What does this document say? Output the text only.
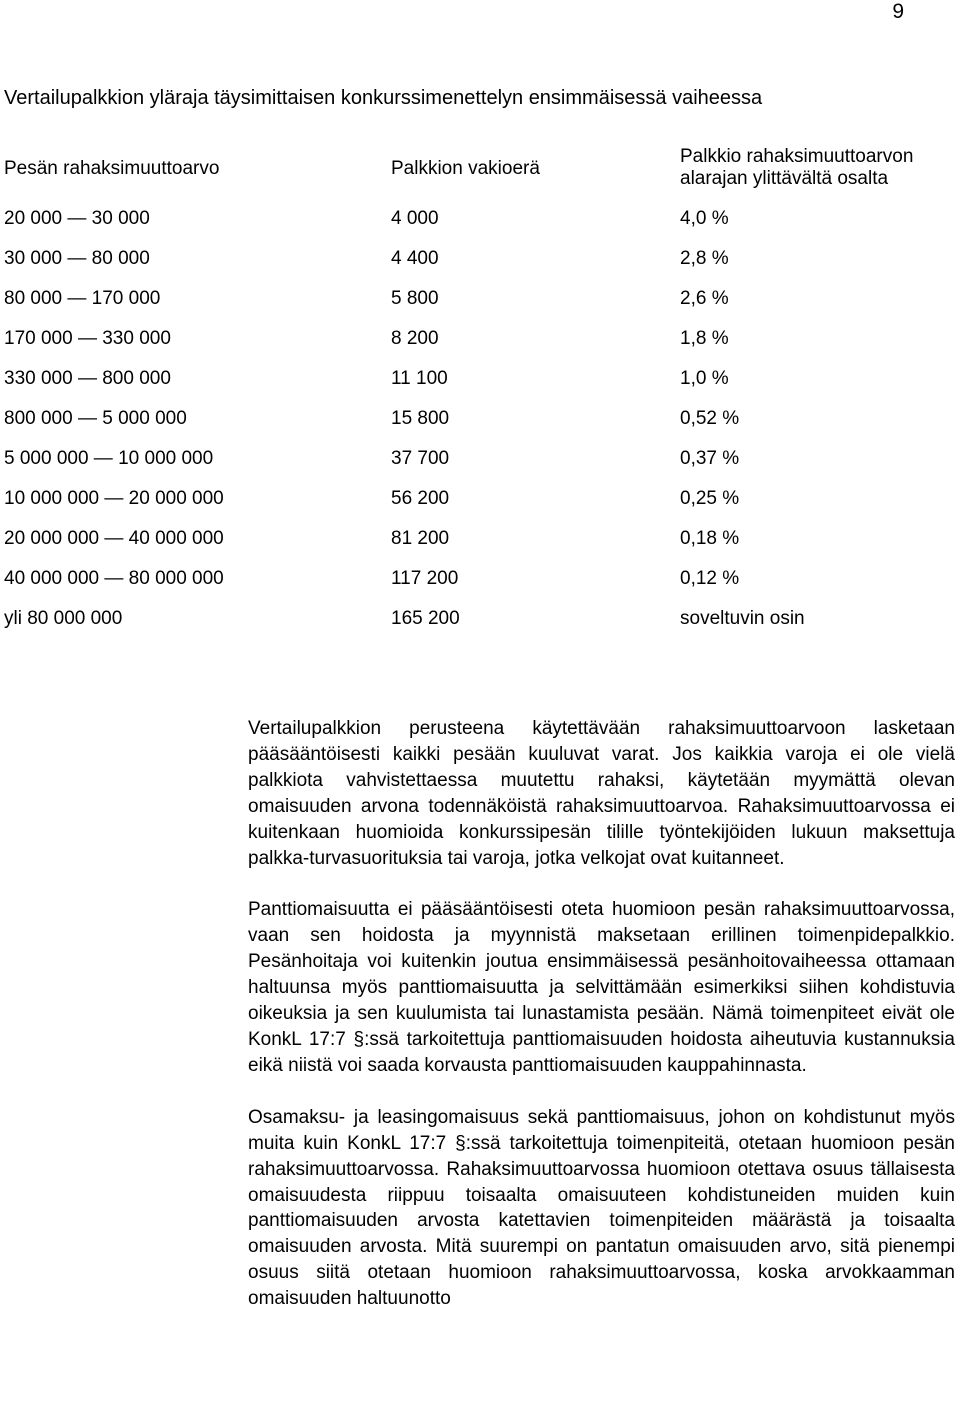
9
Vertailupalkkion yläraja täysimittaisen konkurssimenettelyn ensimmäisessä vaiheessa
Pesän rahaksimuuttoarvo	Palkkion vakioerä
Palkkio rahaksimuuttoarvon
alarajan ylittävältä osalta
20 000 — 30 000	4 000	4,0 %
30 000 — 80 000	4 400	2,8 %
80 000 — 170 000	5 800	2,6 %
170 000 — 330 000	8 200	1,8 %
330 000 — 800 000	11 100	1,0 %
800 000 — 5 000 000	15 800	0,52 %
5 000 000 — 10 000 000	37 700	0,37 %
10 000 000 — 20 000 000	56 200	0,25 %
20 000 000 — 40 000 000	81 200	0,18 %
40 000 000 — 80 000 000	117 200	0,12 %
yli 80 000 000	165 200	soveltuvin osin

Vertailupalkkion perusteena käytettävään rahaksimuuttoarvoon lasketaan pääsääntöisesti kaikki pesään kuuluvat varat. Jos kaikkia varoja ei ole vielä palkkiota vahvistettaessa muutettu rahaksi, käytetään myymättä olevan omaisuuden arvona todennäköistä rahaksimuuttoarvoa. Rahaksimuuttoarvossa ei kuitenkaan huomioida konkurssipesän tilille työntekijöiden lukuun maksettuja palkka-turvasuorituksia tai varoja, jotka velkojat ovat kuitanneet.

Panttiomaisuutta ei pääsääntöisesti oteta huomioon pesän rahaksimuuttoarvossa, vaan sen hoidosta ja myynnistä maksetaan erillinen toimenpidepalkkio. Pesänhoitaja voi kuitenkin joutua ensimmäisessä pesänhoitovaiheessa ottamaan haltuunsa myös panttiomaisuutta ja selvittämään esimerkiksi siihen kohdistuvia oikeuksia ja sen kuulumista tai lunastamista pesään. Nämä toimenpiteet eivät ole KonkL 17:7 §:ssä tarkoitettuja panttiomaisuuden hoidosta aiheutuvia kustannuksia eikä niistä voi saada korvausta panttiomaisuuden kauppahinnasta.

Osamaksu- ja leasingomaisuus sekä panttiomaisuus, johon on kohdistunut myös muita kuin KonkL 17:7 §:ssä tarkoitettuja toimenpiteitä, otetaan huomioon pesän rahaksimuuttoarvossa. Rahaksimuuttoarvossa huomioon otettava osuus tällaisesta omaisuudesta riippuu toisaalta omaisuuteen kohdistuneiden muiden kuin panttiomaisuuden arvosta katettavien toimenpiteiden määrästä ja toisaalta omaisuuden arvosta. Mitä suurempi on pantatun omaisuuden arvo, sitä pienempi osuus siitä otetaan huomioon rahaksimuuttoarvossa, koska arvokkaamman omaisuuden haltuunotto
